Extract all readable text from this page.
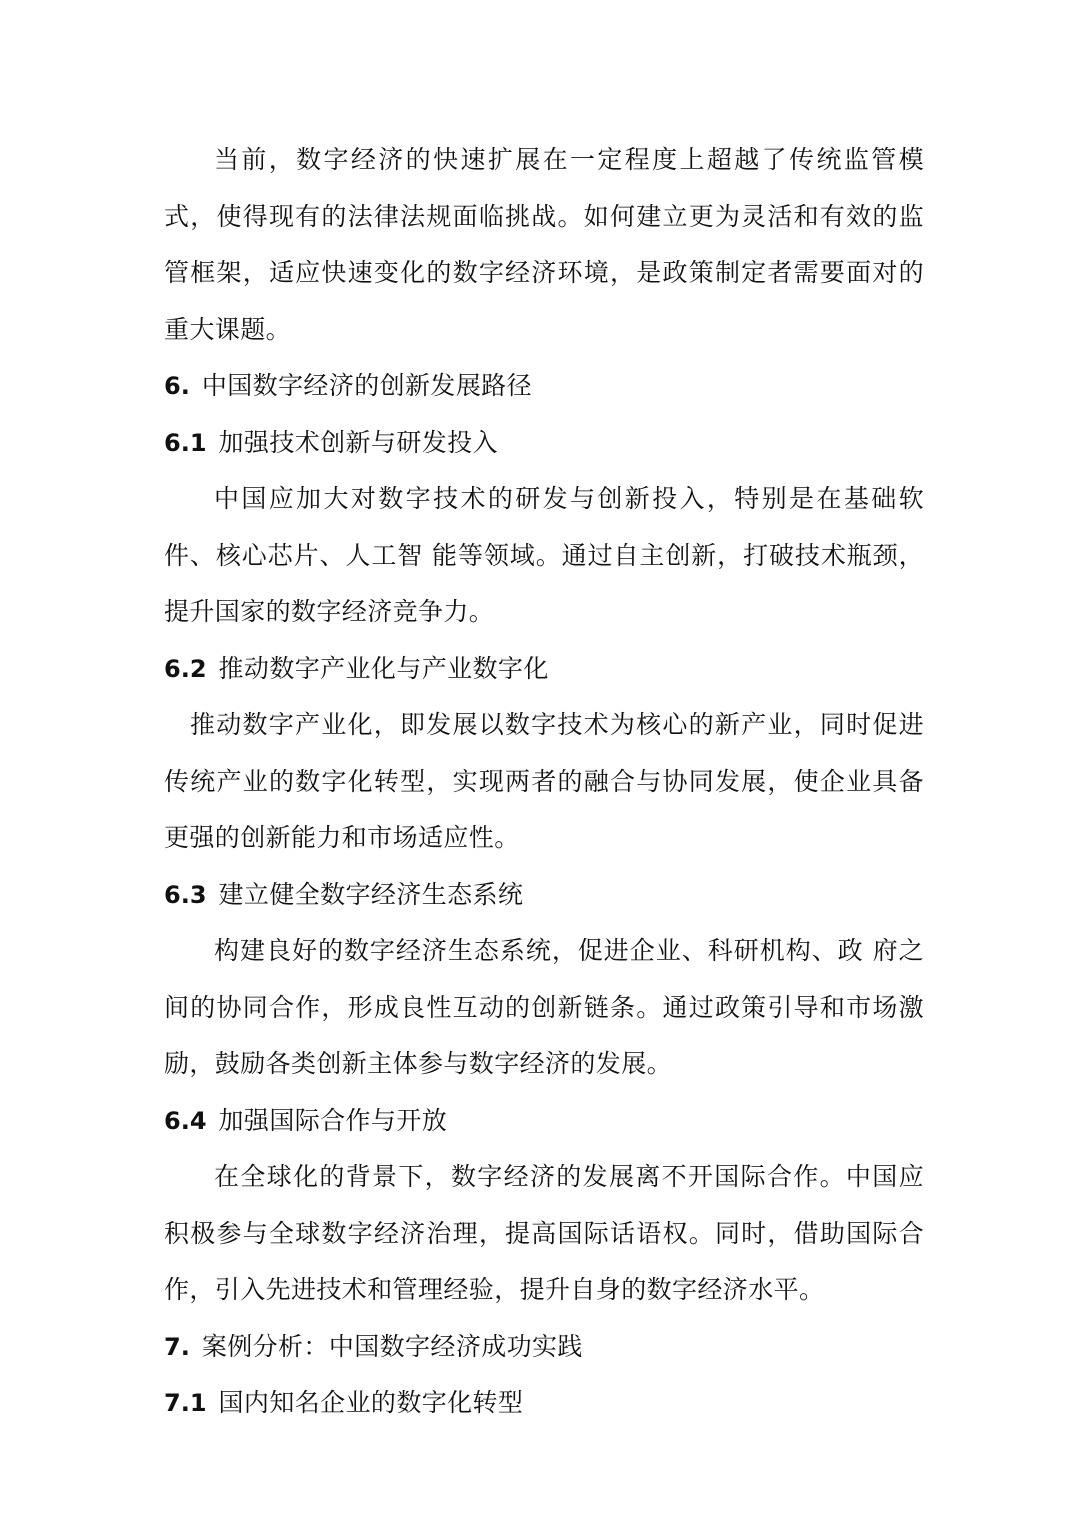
当前，数字经济的快速扩展在一定程度上超越了传统监管模式，使得现有的法律法规面临挑战。如何建立更为灵活和有效的监管框架，适应快速变化的数字经济环境，是政策制定者需要面对的重大课题。

6. 中国数字经济的创新发展路径
6.1 加强技术创新与研发投入

中国应加大对数字技术的研发与创新投入，特别是在基础软件、核心芯片、人工智 能等领域。通过自主创新，打破技术瓶颈，提升国家的数字经济竞争力。

6.2 推动数字产业化与产业数字化

推动数字产业化，即发展以数字技术为核心的新产业，同时促进传统产业的数字化转型，实现两者的融合与协同发展，使企业具备更强的创新能力和市场适应性。

6.3 建立健全数字经济生态系统

构建良好的数字经济生态系统，促进企业、科研机构、政 府之间的协同合作，形成良性互动的创新链条。通过政策引导和市场激励，鼓励各类创新主体参与数字经济的发展。

6.4 加强国际合作与开放

在全球化的背景下，数字经济的发展离不开国际合作。中国应积极参与全球数字经济治理，提高国际话语权。同时，借助国际合作，引入先进技术和管理经验，提升自身的数字经济水平。

7. 案例分析：中国数字经济成功实践
7.1 国内知名企业的数字化转型
